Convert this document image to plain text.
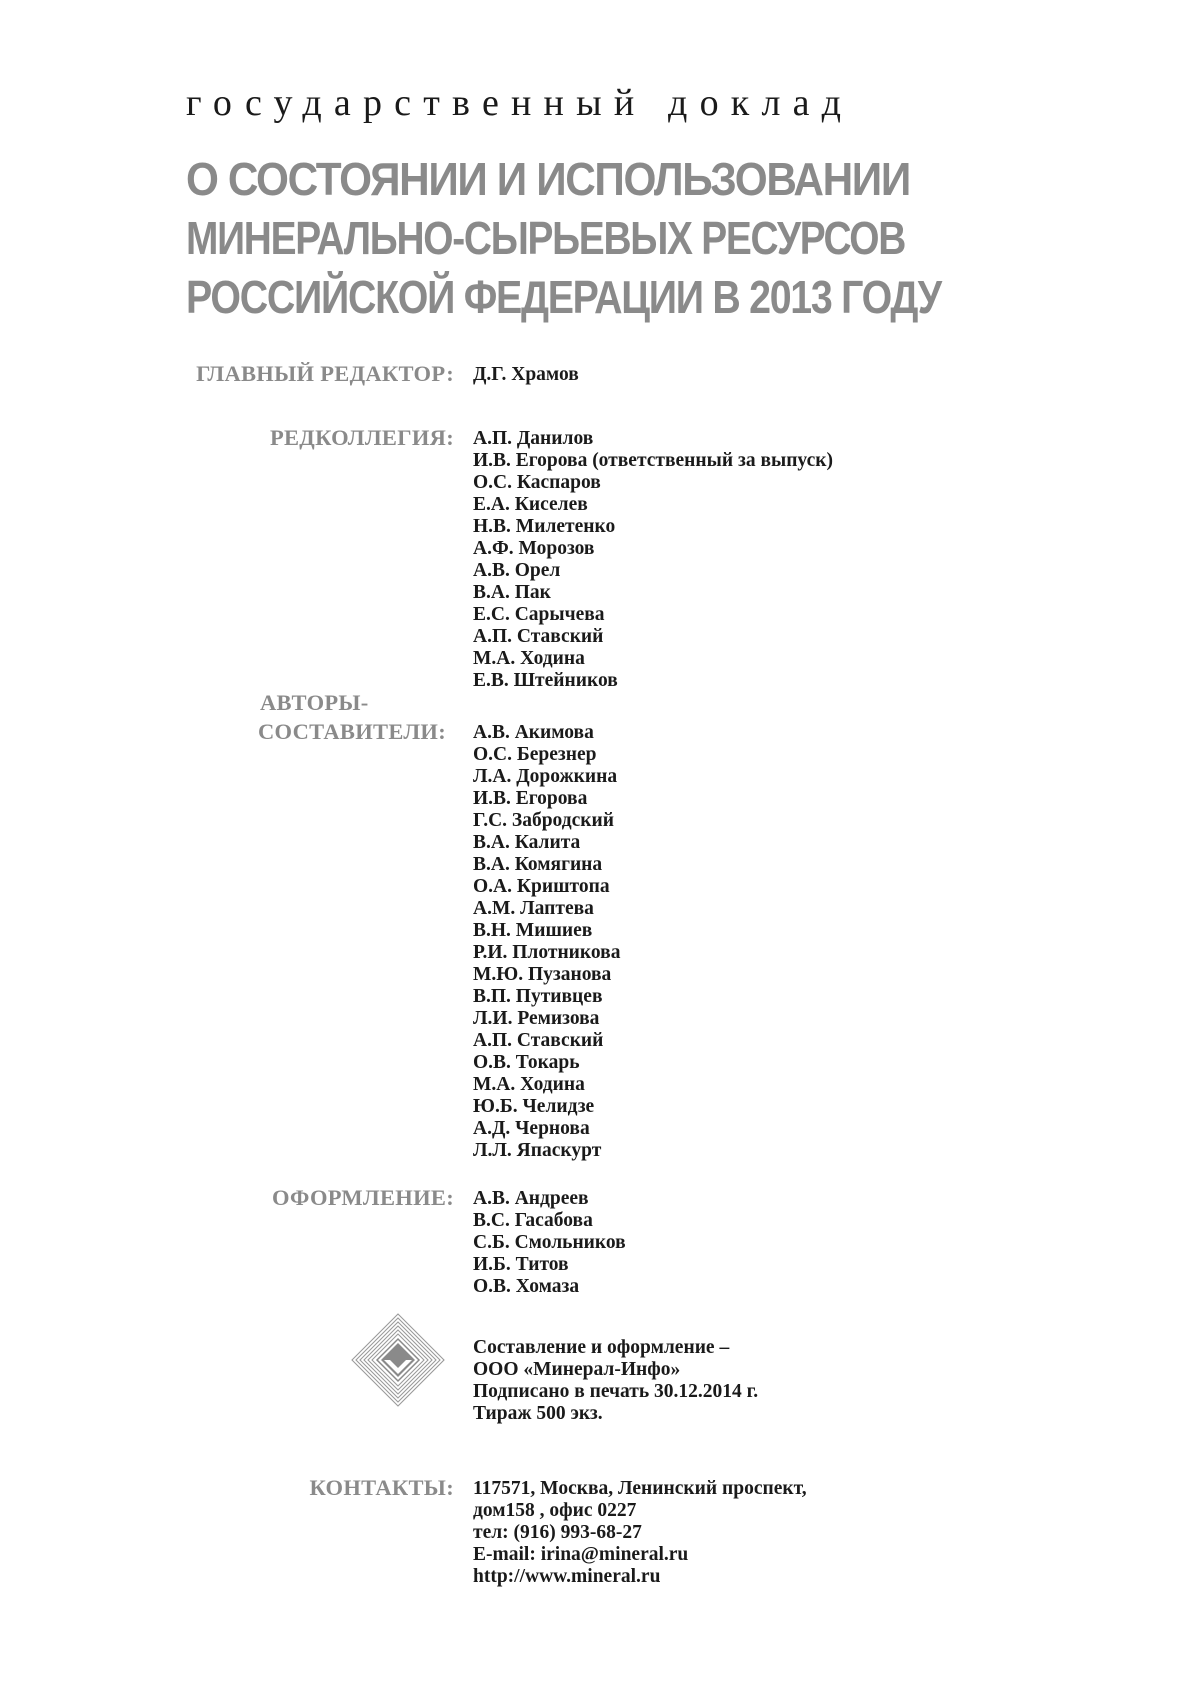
государственный доклад
О СОСТОЯНИИ И ИСПОЛЬЗОВАНИИ
МИНЕРАЛЬНО-СЫРЬЕВЫХ РЕСУРСОВ
РОССИЙСКОЙ ФЕДЕРАЦИИ В 2013 ГОДУ
ГЛАВНЫЙ РЕДАКТОР: Д.Г. Храмов
РЕДКОЛЛЕГИЯ: А.П. Данилов
И.В. Егорова (ответственный за выпуск)
О.С. Каспаров
Е.А. Киселев
Н.В. Милетенко
А.Ф. Морозов
А.В. Орел
В.А. Пак
Е.С. Сарычева
А.П. Ставский
М.А. Ходина
Е.В. Штейников
АВТОРЫ-
СОСТАВИТЕЛИ:	А.В. Акимова
О.С. Березнер
Л.А. Дорожкина
И.В. Егорова
Г.С. Забродский
В.А. Калита
В.А. Комягина
О.А. Криштопа
А.М. Лаптева
В.Н. Мишиев
Р.И. Плотникова
М.Ю. Пузанова
В.П. Путивцев
Л.И. Ремизова
А.П. Ставский
О.В. Токарь
М.А. Ходина
Ю.Б. Челидзе
А.Д. Чернова
Л.Л. Япаскурт
ОФОРМЛЕНИЕ: А.В. Андреев
В.С. Гасабова
С.Б. Смольников
И.Б. Титов
О.В. Хомаза
Составление и оформление –
ООО «Минерал-Инфо»
Подписано в печать 30.12.2014 г.
Тираж 500 экз.
КОНТАКТЫ: 117571, Москва, Ленинский проспект,
дом158 , офис 0227
тел: (916) 993-68-27
E-mail: irina@mineral.ru
http://www.mineral.ru
